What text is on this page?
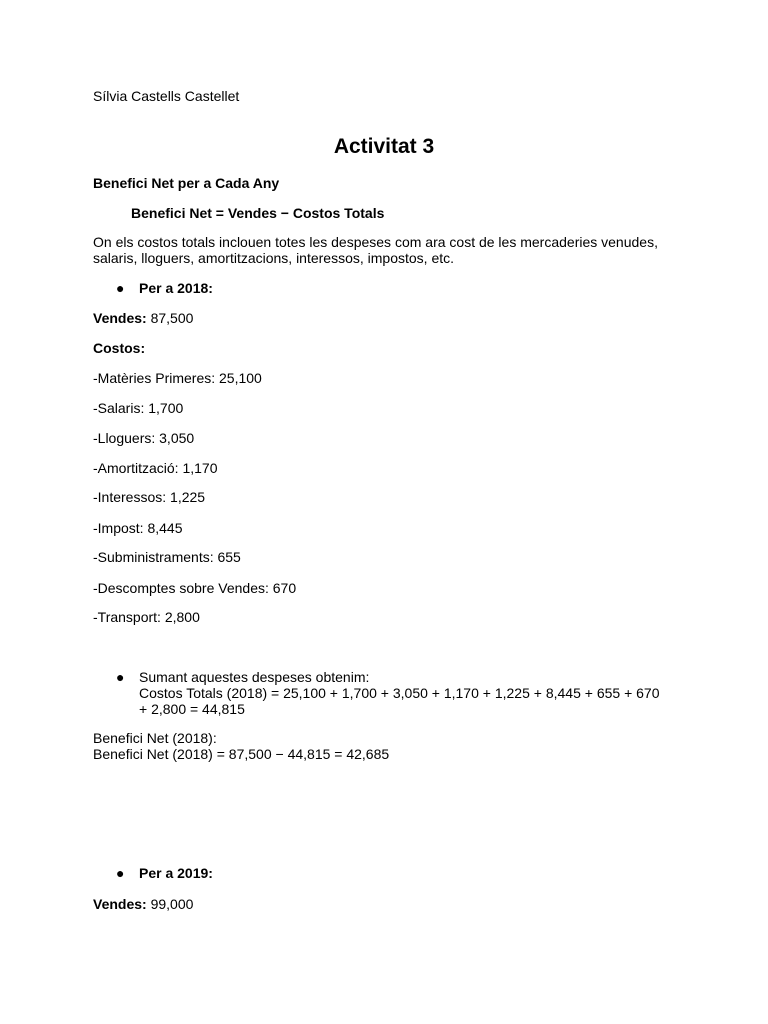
Sílvia Castells Castellet
Activitat 3
Benefici Net per a Cada Any
Benefici Net = Vendes − Costos Totals
On els costos totals inclouen totes les despeses com ara cost de les mercaderies venudes,
salaris, lloguers, amortitzacions, interessos, impostos, etc.
● Per a 2018:
Vendes: 87,500
Costos:
-Matèries Primeres: 25,100
-Salaris: 1,700
-Lloguers: 3,050
-Amortització: 1,170
-Interessos: 1,225
-Impost: 8,445
-Subministraments: 655
-Descomptes sobre Vendes: 670
-Transport: 2,800
● Sumant aquestes despeses obtenim:
Costos Totals (2018) = 25,100 + 1,700 + 3,050 + 1,170 + 1,225 + 8,445 + 655 + 670
+ 2,800 = 44,815
Benefici Net (2018):
Benefici Net (2018) = 87,500 − 44,815 = 42,685
● Per a 2019:
Vendes: 99,000
